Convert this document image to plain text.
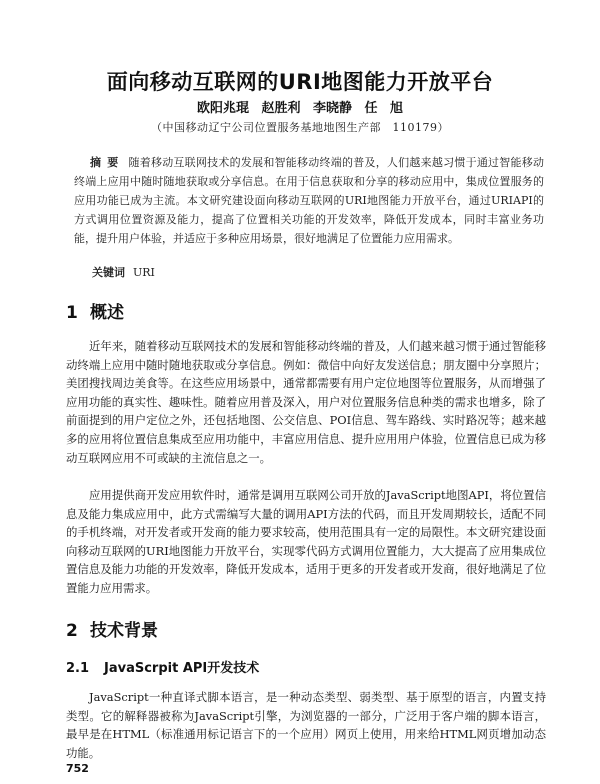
面向移动互联网的URI地图能力开放平台
欧阳兆琨 赵胜利 李晓静 任 旭
（中国移动辽宁公司位置服务基地地图生产部　110179）

摘要 随着移动互联网技术的发展和智能移动终端的普及，人们越来越习惯于通过智能移动终端上应用中随时随地获取或分享信息。在用于信息获取和分享的移动应用中，集成位置服务的应用功能已成为主流。本文研究建设面向移动互联网的URI地图能力开放平台，通过URIAPI的方式调用位置资源及能力，提高了位置相关功能的开发效率，降低开发成本，同时丰富业务功能，提升用户体验，并适应于多种应用场景，很好地满足了位置能力应用需求。

关键词 URI
1 概述

近年来，随着移动互联网技术的发展和智能移动终端的普及，人们越来越习惯于通过智能移动终端上应用中随时随地获取或分享信息。例如：微信中向好友发送信息；朋友圈中分享照片；美团搜找周边美食等。在这些应用场景中，通常都需要有用户定位地图等位置服务，从而增强了应用功能的真实性、趣味性。随着应用普及深入，用户对位置服务信息种类的需求也增多，除了前面提到的用户定位之外，还包括地图、公交信息、POI信息、驾车路线、实时路况等；越来越多的应用将位置信息集成至应用功能中，丰富应用信息、提升应用用户体验，位置信息已成为移动互联网应用不可或缺的主流信息之一。

应用提供商开发应用软件时，通常是调用互联网公司开放的JavaScript地图API，将位置信息及能力集成应用中，此方式需编写大量的调用API方法的代码，而且开发周期较长，适配不同的手机终端，对开发者或开发商的能力要求较高，使用范围具有一定的局限性。本文研究建设面向移动互联网的URI地图能力开放平台，实现零代码方式调用位置能力，大大提高了应用集成位置信息及能力功能的开发效率，降低开发成本，适用于更多的开发者或开发商，很好地满足了位置能力应用需求。

2 技术背景
2.1 JavaScrpit API开发技术

JavaScript一种直译式脚本语言，是一种动态类型、弱类型、基于原型的语言，内置支持类型。它的解释器被称为JavaScript引擎，为浏览器的一部分，广泛用于客户端的脚本语言，最早是在HTML（标准通用标记语言下的一个应用）网页上使用，用来给HTML网页增加动态功能。

752
